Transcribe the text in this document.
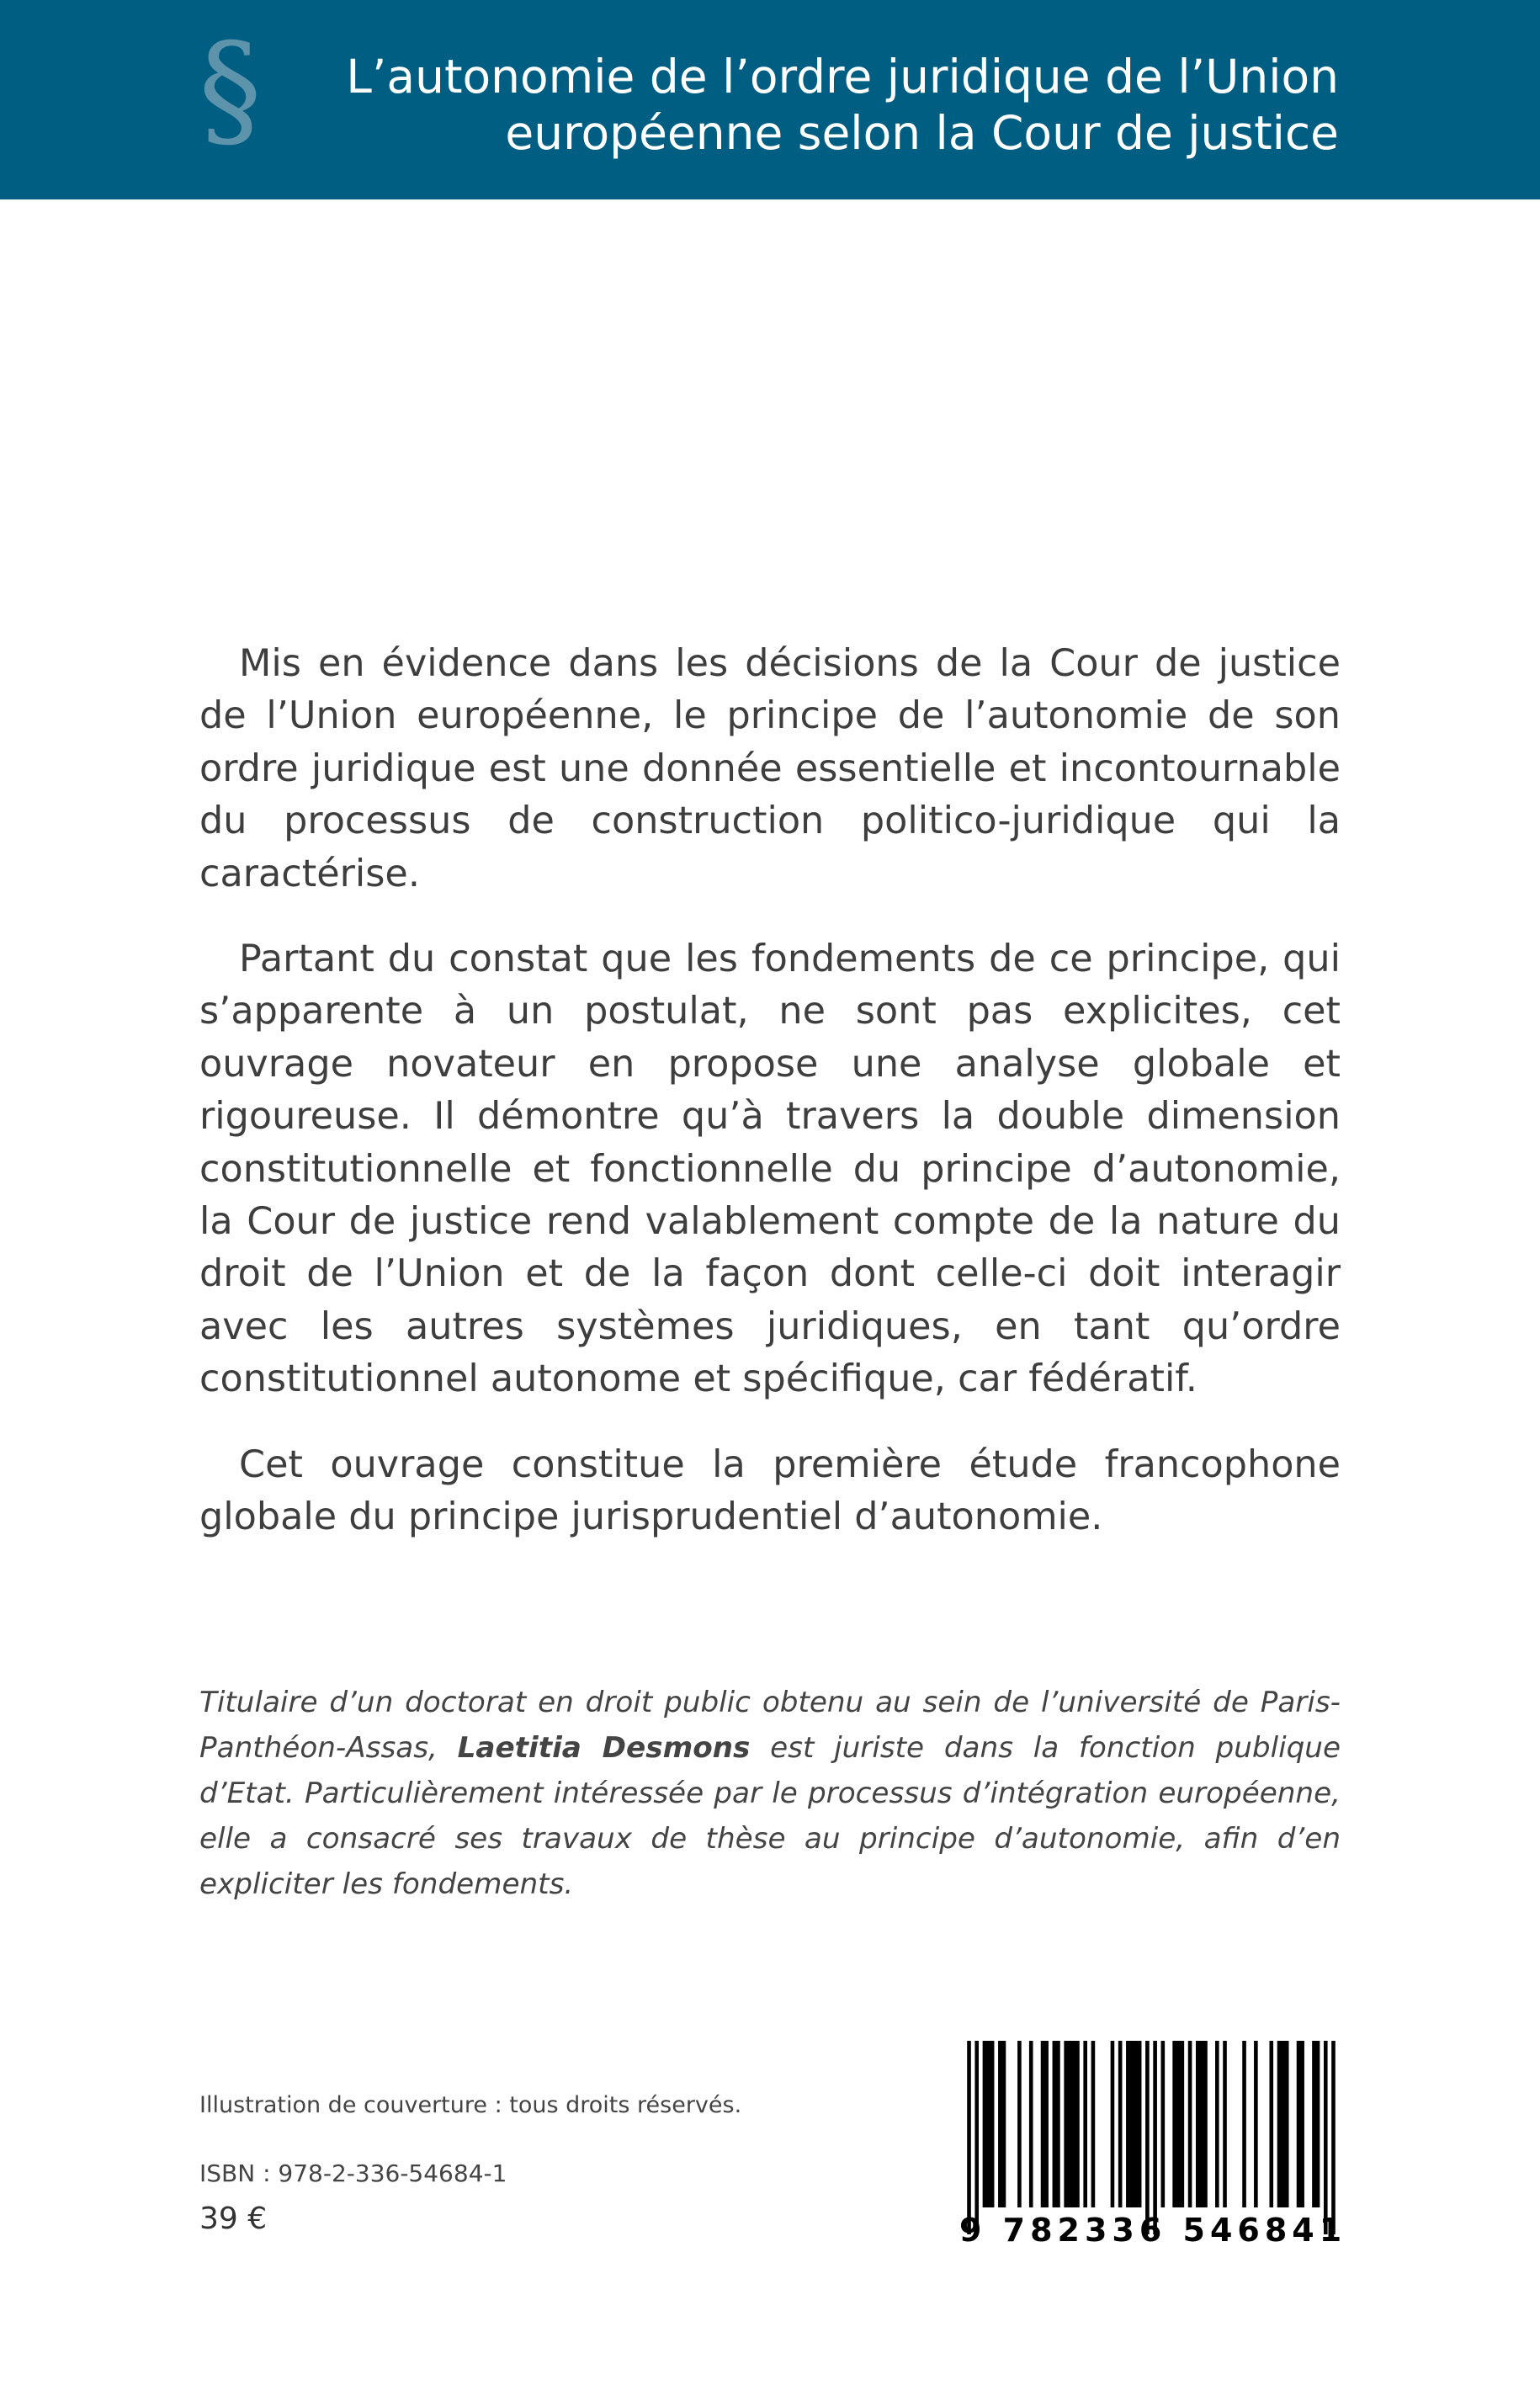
§ L’autonomie de l’ordre juridique de l’Union
européenne selon la Cour de justice

Mis en évidence dans les décisions de la Cour de justice de l’Union européenne, le principe de l’autonomie de son ordre juridique est une donnée essentielle et incontournable du processus de construction politico-juridique qui la caractérise.

Partant du constat que les fondements de ce principe, qui s’apparente à un postulat, ne sont pas explicites, cet ouvrage novateur en propose une analyse globale et rigoureuse. Il démontre qu’à travers la double dimension constitutionnelle et fonctionnelle du principe d’autonomie, la Cour de justice rend valablement compte de la nature du droit de l’Union et de la façon dont celle-ci doit interagir avec les autres systèmes juridiques, en tant qu’ordre constitutionnel autonome et spécifique, car fédératif.

Cet ouvrage constitue la première étude francophone globale du principe jurisprudentiel d’autonomie.

Titulaire d’un doctorat en droit public obtenu au sein de l’université de Paris-Panthéon-Assas, Laetitia Desmons est juriste dans la fonction publique d’Etat. Particulièrement intéressée par le processus d’intégration européenne, elle a consacré ses travaux de thèse au principe d’autonomie, afin d’en expliciter les fondements.

Illustration de couverture : tous droits réservés.
ISBN : 978-2-336-54684-1
39 €	9 782336 546841
